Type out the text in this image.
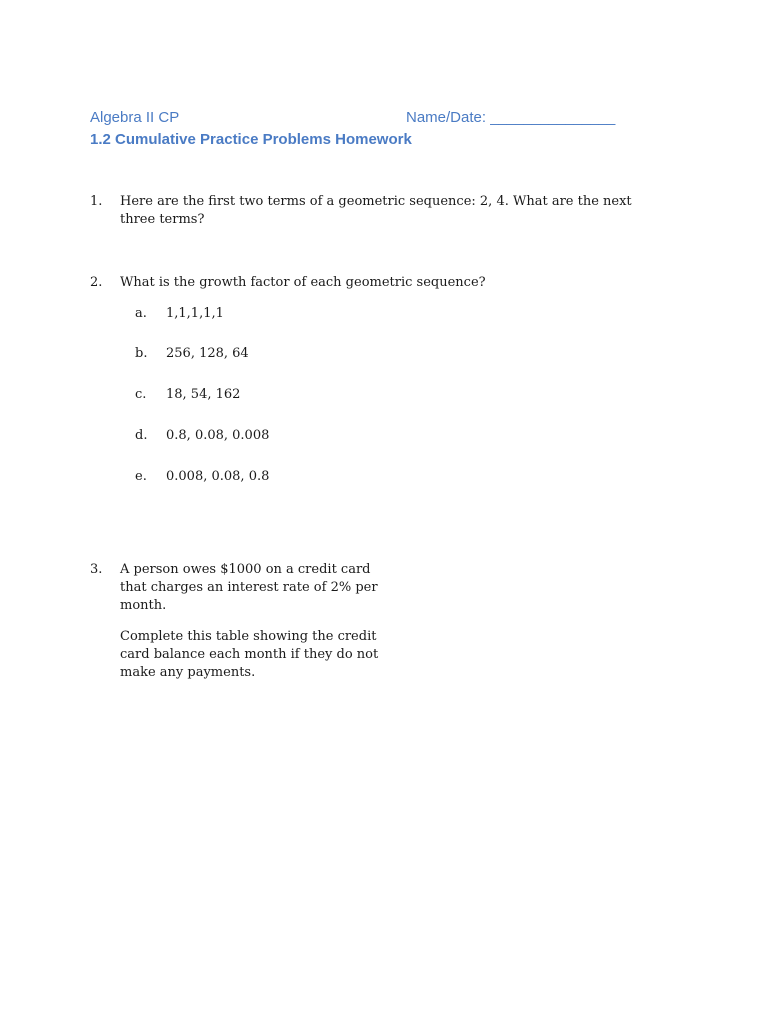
Algebra II CP	Name/Date: _______________
1.2 Cumulative Practice Problems Homework
1. Here are the first two terms of a geometric sequence: 2, 4. What are the next three terms?
2. What is the growth factor of each geometric sequence?
a. 1,1,1,1,1
b. 256, 128, 64
c. 18, 54, 162
d. 0.8, 0.08, 0.008
e. 0.008, 0.08, 0.8
3. A person owes $1000 on a credit card that charges an interest rate of 2% per month.
Complete this table showing the credit card balance each month if they do not make any payments.
